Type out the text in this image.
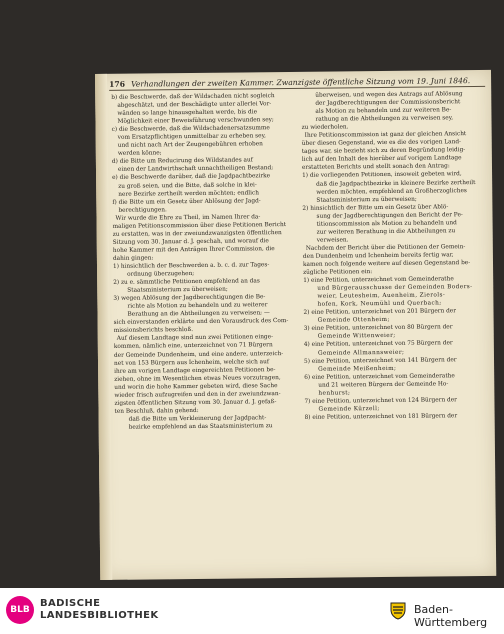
176 Verhandlungen der zweiten Kammer. Zwanzigste öffentliche Sitzung vom 19. Juni 1846.

b) die Beschwerde, daß der Wildschaden nicht sogleich

abgeschätzt, und der Beschädigte unter allerlei Vor-

wänden so lange hinausgehalten werde, bis die

Möglichkeit einer Beweisführung verschwunden sey;

c) die Beschwerde, daß die Wildschadenersatzsumme

vom Ersatzpflichtigen unmittelbar zu erheben sey,

und nicht nach Art der Zeugengebühren erhoben

werden könne;

d) die Bitte um Reducirung des Wildstandes auf

einen der Landwirthschaft unnachtheiligen Bestand;

e) die Beschwerde darüber, daß die Jagdpachtbezirke

zu groß seien, und die Bitte, daß solche in klei-

nere Bezirke zertheilt werden möchten; endlich

f) die Bitte um ein Gesetz über Ablösung der Jagd-

berechtigungen.

Wir wurde die Ehre zu Theil, im Namen Ihrer da-

maligen Petitionscommission über diese Petitionen Bericht

zu erstatten, was in der zweiundzwanzigsten öffentlichen

Sitzung vom 30. Januar d. J. geschah, und worauf die

hohe Kammer mit den Anträgen Ihrer Commission, die

dahin gingen:

1) hinsichtlich der Beschwerden a. b. c. d. zur Tages-

ordnung überzugehen;

2) zu e. sämmtliche Petitionen empfehlend an das

Staatsministerium zu überweisen;

3) wegen Ablösung der Jagdberechtigungen die Be-

richte als Motion zu behandeln und zu weiterer

Berathung an die Abtheilungen zu verweisen; —

sich einverstanden erklärte und den Vorausdruck des Com-

missionsberichts beschloß.

Auf diesem Landtage sind nun zwei Petitionen einge-

kommen, nämlich eine, unterzeichnet von 71 Bürgern

der Gemeinde Dundenheim, und eine andere, unterzeich-

net von 153 Bürgern aus Ichenheim, welche sich auf

ihre am vorigen Landtage eingereichten Petitionen be-

ziehen, ohne im Wesentlichen etwas Neues vorzutragen,

und worin die hohe Kammer gebeten wird, diese Sache

wieder frisch aufzugreifen und den in der zweiundzwan-

zigsten öffentlichen Sitzung vom 30. Januar d. J. gefaß-

ten Beschluß, dahin gehend:

daß die Bitte um Verkleinerung der Jagdpacht-

bezirke empfehlend an das Staatsministerium zu

überweisen, und wegen des Antrags auf Ablösung

der Jagdberechtigungen der Commissionsbericht

als Motion zu behandeln und zur weiteren Be-

rathung an die Abtheilungen zu verweisen sey,

zu wiederholen.

Ihre Petitionscommission ist ganz der gleichen Ansicht

über diesen Gegenstand, wie es die des vorigen Land-

tages war, sie bezieht sich zu deren Begründung leidig-

lich auf den Inhalt des hierüber auf vorigem Landtage

erstatteten Berichts und stellt sonach den Antrag:

1) die vorliegenden Petitionen, insoweit gebeten wird,

daß die Jagdpachtbezirke in kleinere Bezirke zertheilt

werden möchten, empfehlend an Großherzogliches

Staatsministerium zu überweisen;

2) hinsichtlich der Bitte um ein Gesetz über Ablö-

sung der Jagdberechtigungen den Bericht der Pe-

titionscommission als Motion zu behandeln und

zur weiteren Berathung in die Abtheilungen zu

verweisen.

Nachdem der Bericht über die Petitionen der Gemein-

den Dundenheim und Ichenheim bereits fertig war,

kamen noch folgende weitere auf diesen Gegenstand be-

zügliche Petitionen ein:

1) eine Petition, unterzeichnet vom Gemeinderathe

und Bürgerausschusse der Gemeinden Boders-

weier, Leutesheim, Auenheim, Zierols-

hofen, Kork, Neumühl und Querbach;

2) eine Petition, unterzeichnet von 201 Bürgern der

Gemeinde Ottenheim;

3) eine Petition, unterzeichnet von 80 Bürgern der

Gemeinde Wittenweier;

4) eine Petition, unterzeichnet von 75 Bürgern der

Gemeinde Allmannsweier;

5) eine Petition, unterzeichnet von 141 Bürgern der

Gemeinde Meißenheim;

6) eine Petition, unterzeichnet vom Gemeinderathe

und 21 weiteren Bürgern der Gemeinde Ho-

henhurst;

7) eine Petition, unterzeichnet von 124 Bürgern der

Gemeinde Kürzell;

8) eine Petition, unterzeichnet von 181 Bürgern der

BLB
BADISCHE
LANDESBIBLIOTHEK	Baden-Württemberg
